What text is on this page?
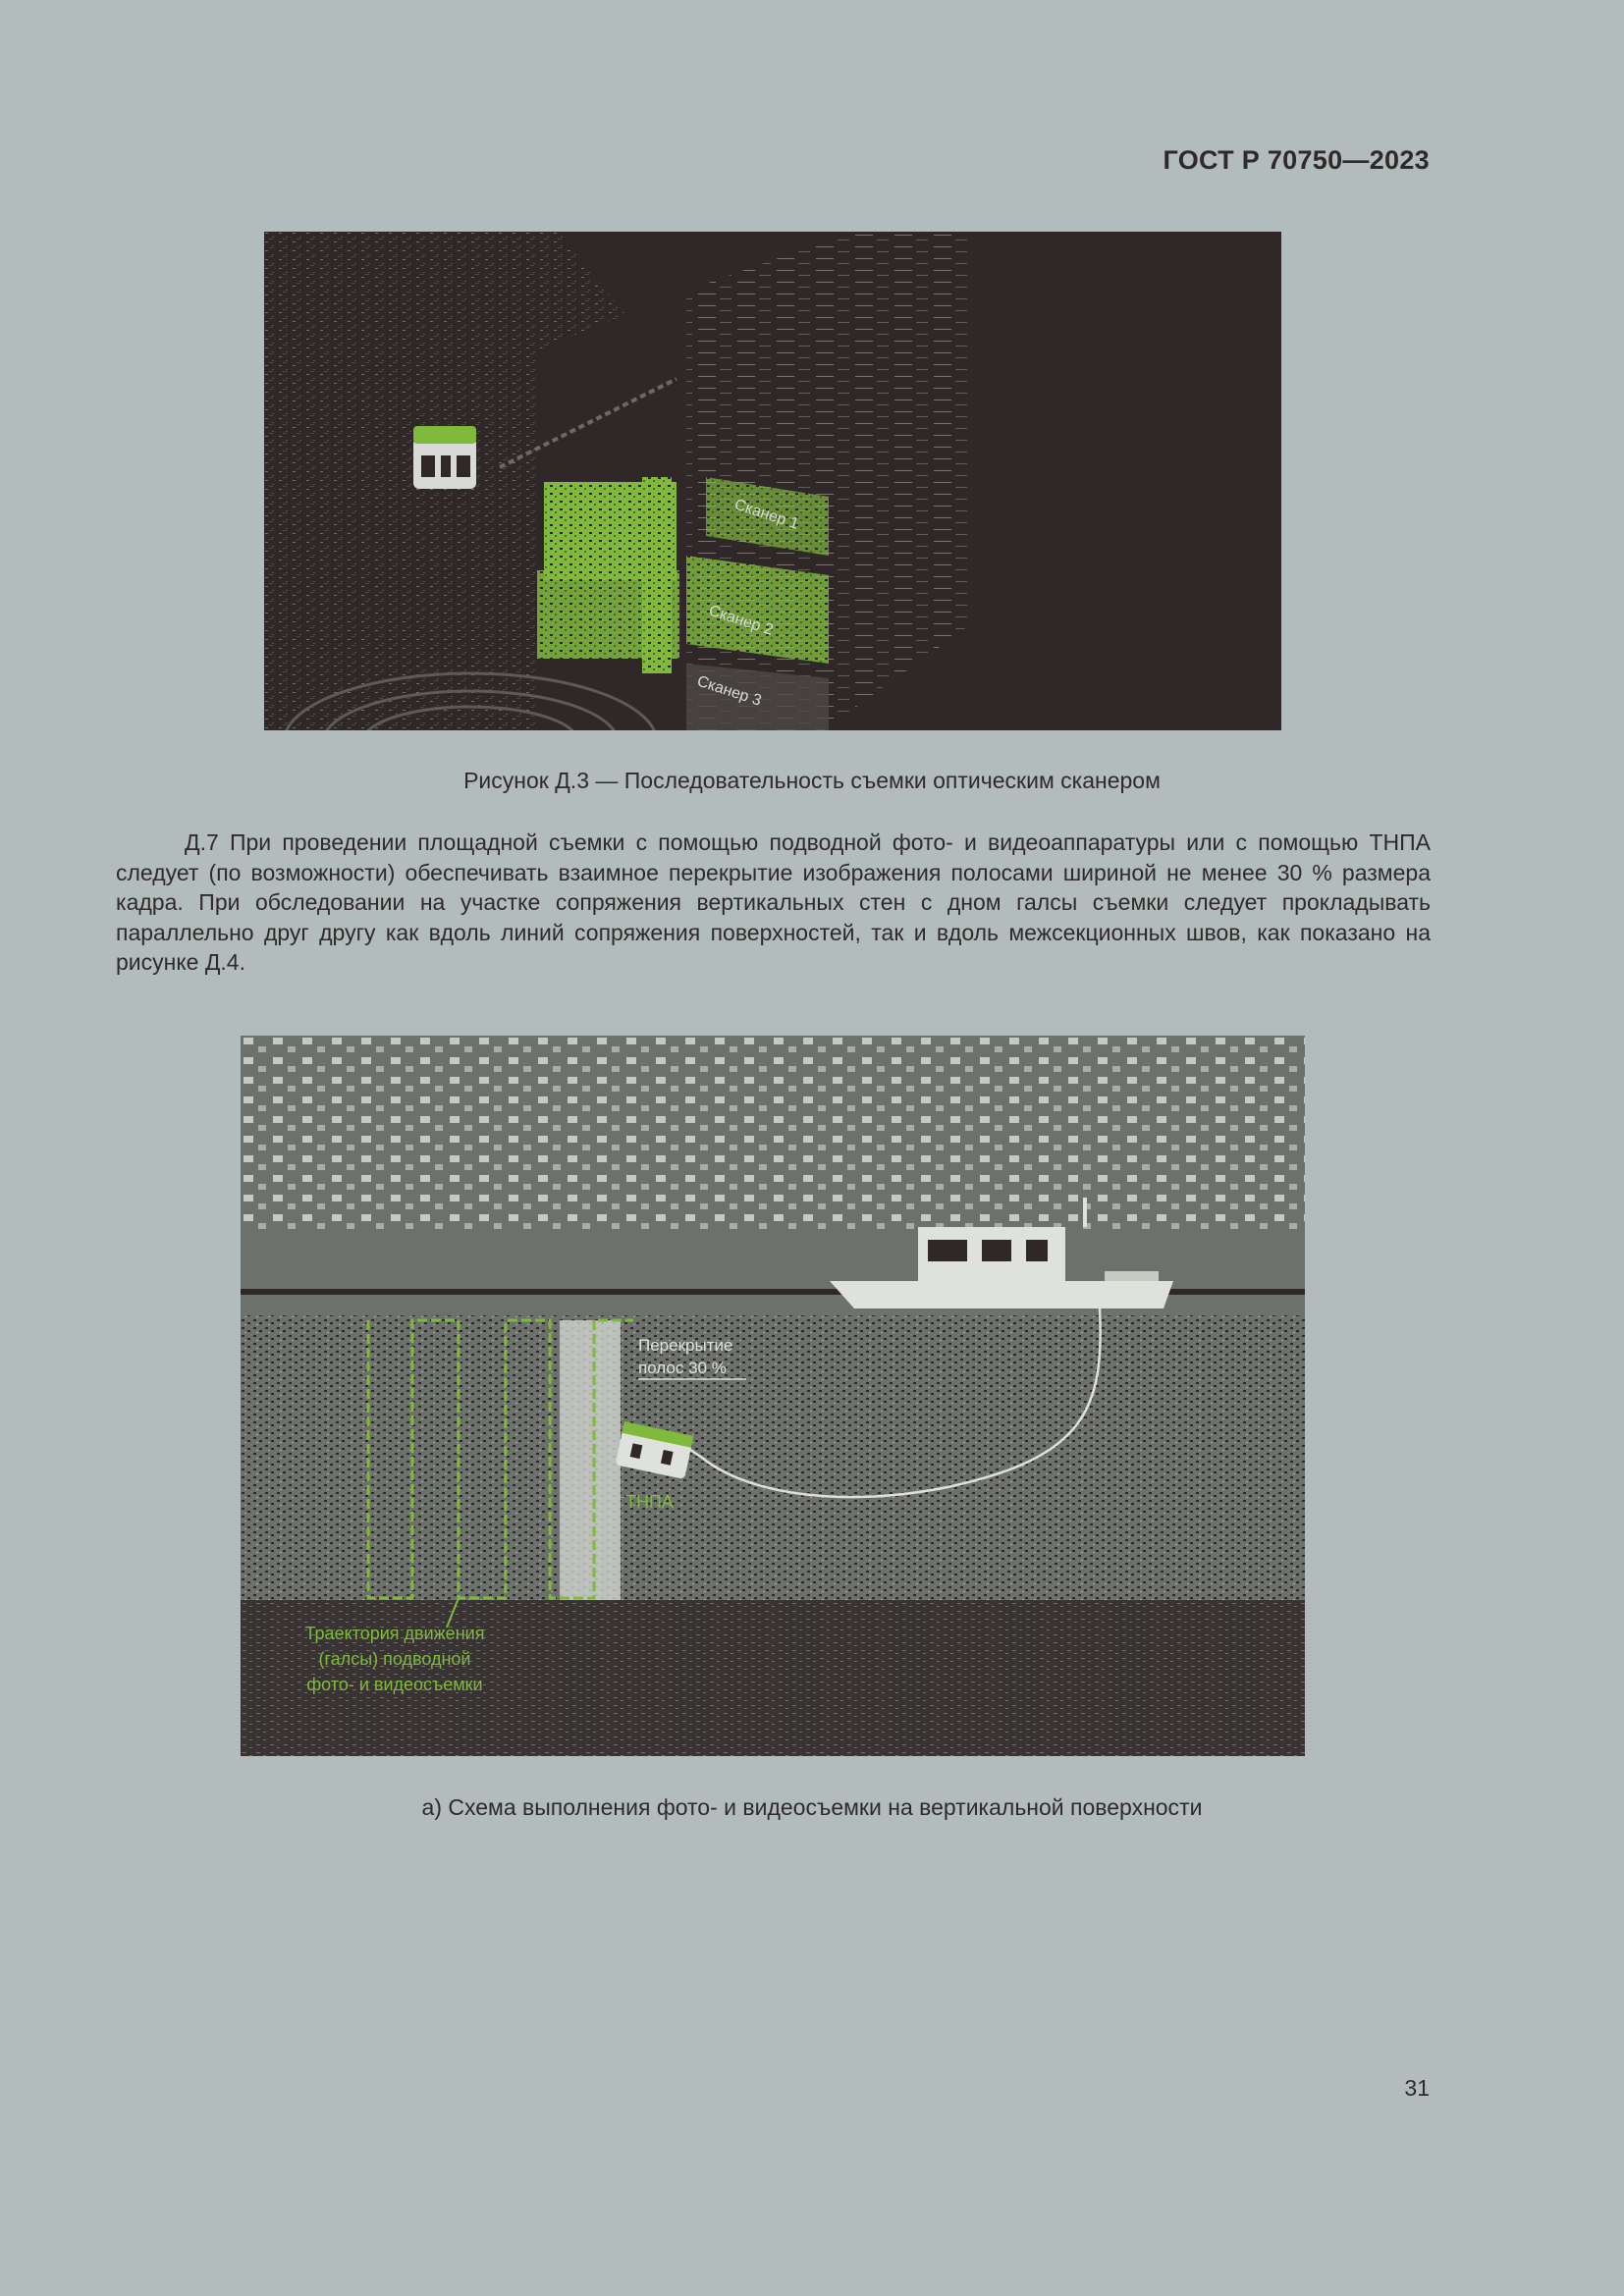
ГОСТ Р 70750—2023
Сканер 1
Сканер 2
Сканер 3
Рисунок Д.3 — Последовательность съемки оптическим сканером

Д.7 При проведении площадной съемки с помощью подводной фото- и видеоаппаратуры или с помощью ТНПА следует (по возможности) обеспечивать взаимное перекрытие изображения полосами шириной не менее 30 % размера кадра. При обследовании на участке сопряжения вертикальных стен с дном галсы съемки следует прокладывать параллельно друг другу как вдоль линий сопряжения поверхностей, так и вдоль межсекционных швов, как показано на рисунке Д.4.

Перекрытие
полос 30 %
ТНПА
Траектория движения
(галсы) подводной
фото- и видеосъемки
а) Схема выполнения фото- и видеосъемки на вертикальной поверхности
31
